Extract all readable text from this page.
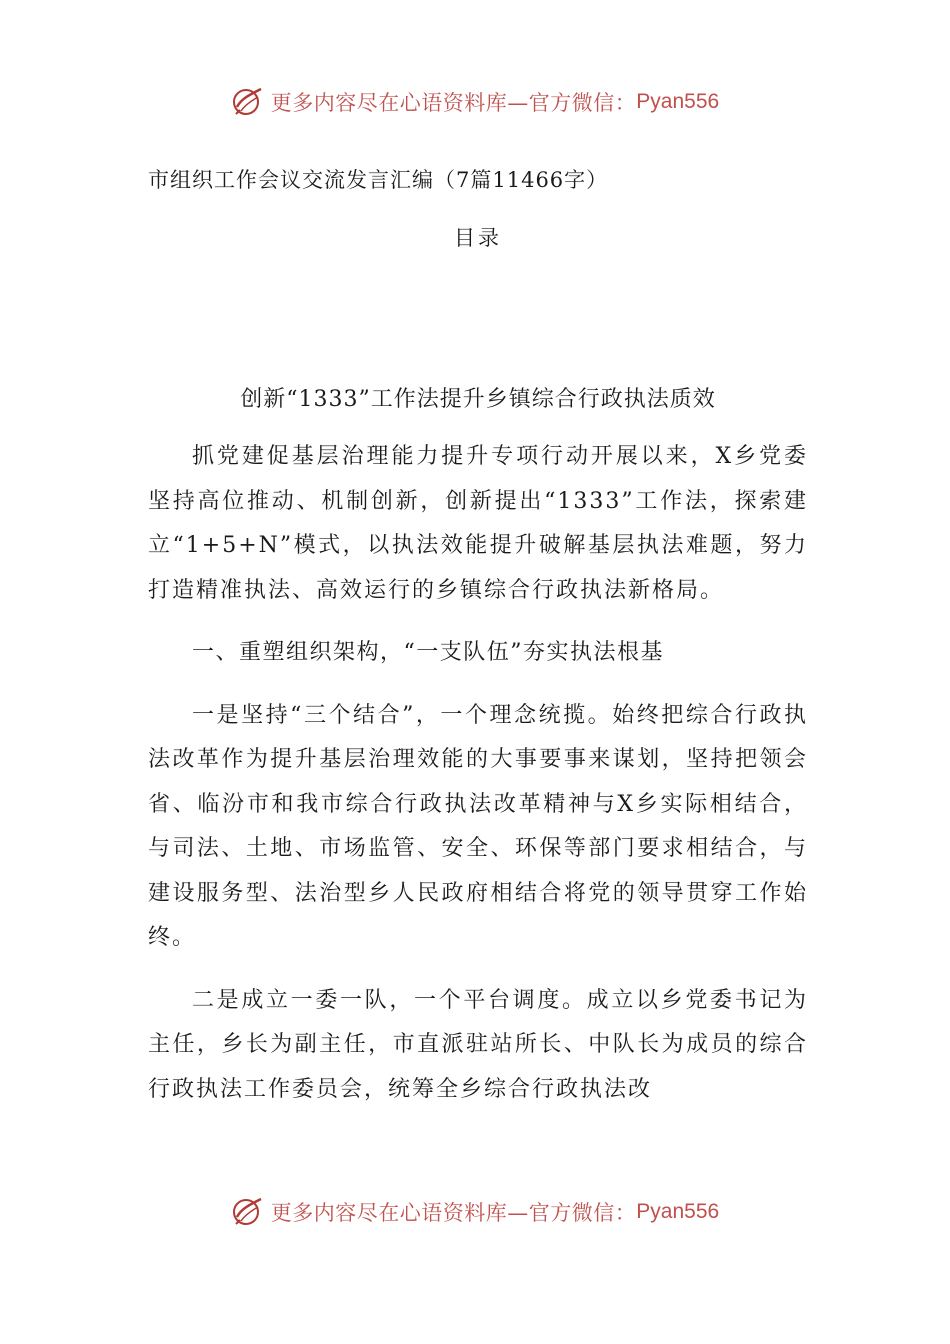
更多内容尽在心语资料库—官方微信： Pyan556

市组织工作会议交流发言汇编（7篇11466字）

目录

创新“1333”工作法提升乡镇综合行政执法质效

抓党建促基层治理能力提升专项行动开展以来，X乡党委坚持高位推动、机制创新，创新提出“1333”工作法，探索建立“1+5+N”模式，以执法效能提升破解基层执法难题，努力打造精准执法、高效运行的乡镇综合行政执法新格局。

一、重塑组织架构，“一支队伍”夯实执法根基

一是坚持“三个结合”，一个理念统揽。始终把综合行政执法改革作为提升基层治理效能的大事要事来谋划，坚持把领会省、临汾市和我市综合行政执法改革精神与X乡实际相结合，与司法、土地、市场监管、安全、环保等部门要求相结合，与建设服务型、法治型乡人民政府相结合将党的领导贯穿工作始终。

二是成立一委一队，一个平台调度。成立以乡党委书记为主任，乡长为副主任，市直派驻站所长、中队长为成员的综合行政执法工作委员会，统筹全乡综合行政执法改

更多内容尽在心语资料库—官方微信： Pyan556
